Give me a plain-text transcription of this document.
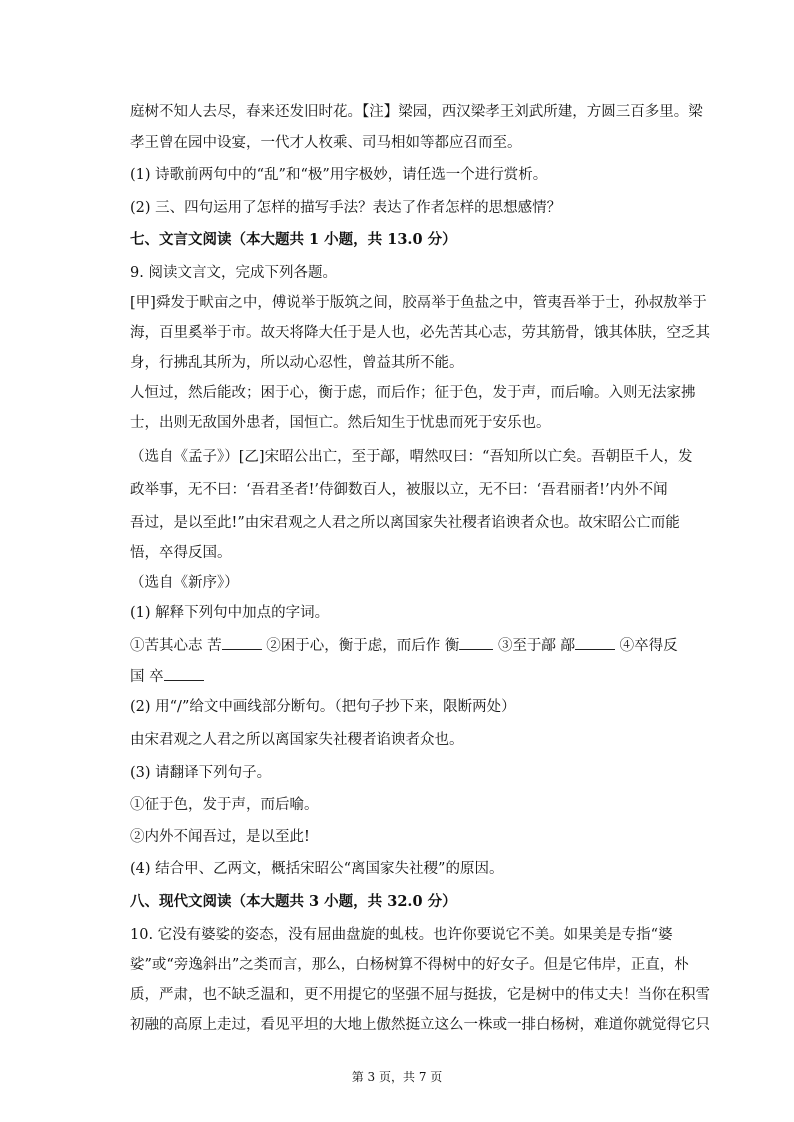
庭树不知人去尽，春来还发旧时花。【注】梁园，西汉梁孝王刘武所建，方圆三百多里。梁
孝王曾在园中设宴，一代才人枚乘、司马相如等都应召而至。
(1) 诗歌前两句中的“乱”和“极”用字极妙，请任选一个进行赏析。
(2) 三、四句运用了怎样的描写手法？表达了作者怎样的思想感情？
七、文言文阅读（本大题共 1 小题，共 13.0 分）
9. 阅读文言文，完成下列各题。
[甲]舜发于畎亩之中，傅说举于版筑之间，胶鬲举于鱼盐之中，管夷吾举于士，孙叔敖举于
海，百里奚举于市。故天将降大任于是人也，必先苦其心志，劳其筋骨，饿其体肤，空乏其
身，行拂乱其所为，所以动心忍性，曾益其所不能。
人恒过，然后能改；困于心，衡于虑，而后作；征于色，发于声，而后喻。入则无法家拂
士，出则无敌国外患者，国恒亡。然后知生于忧患而死于安乐也。
（选自《孟子》）[乙]宋昭公出亡，至于鄗，喟然叹曰：“吾知所以亡矣。吾朝臣千人，发
政举事，无不曰：‘吾君圣者!’侍御数百人，被服以立，无不曰：‘吾君丽者!’内外不闻
吾过，是以至此!”由宋君观之人君之所以离国家失社稷者谄谀者众也。故宋昭公亡而能
悟，卒得反国。
（选自《新序》）
(1) 解释下列句中加点的字词。
①苦其心志 苦	②困于心，衡于虑，而后作 衡	③至于鄗 鄗	④卒得反
国 卒
(2) 用“/”给文中画线部分断句。（把句子抄下来，限断两处）
由宋君观之人君之所以离国家失社稷者谄谀者众也。
(3) 请翻译下列句子。
①征于色，发于声，而后喻。
②内外不闻吾过，是以至此!
(4) 结合甲、乙两文，概括宋昭公“离国家失社稷”的原因。
八、现代文阅读（本大题共 3 小题，共 32.0 分）
10. 它没有婆娑的姿态，没有屈曲盘旋的虬枝。也许你要说它不美。如果美是专指“婆
娑”或“旁逸斜出”之类而言，那么，白杨树算不得树中的好女子。但是它伟岸，正直，朴
质，严肃，也不缺乏温和，更不用提它的坚强不屈与挺拔，它是树中的伟丈夫！当你在积雪
初融的高原上走过，看见平坦的大地上傲然挺立这么一株或一排白杨树，难道你就觉得它只
第 3 页，共 7 页
